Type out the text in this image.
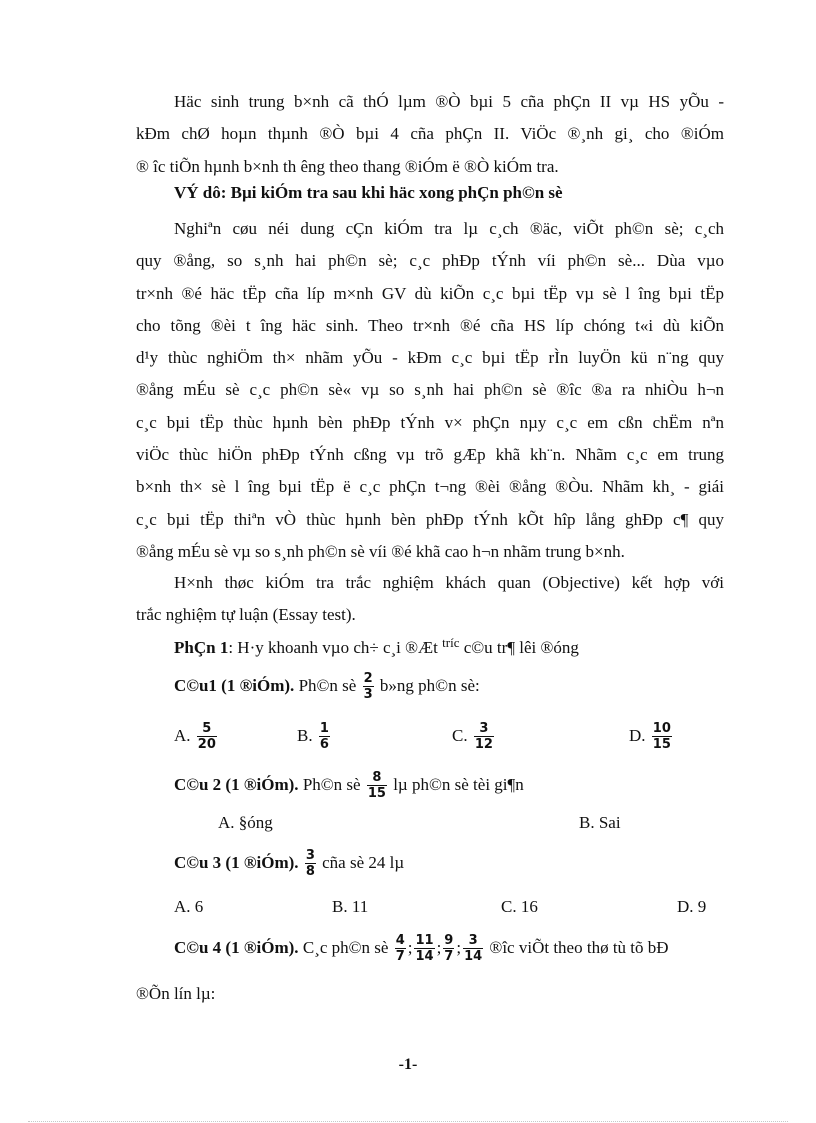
Häc sinh trung b×nh cã thÓ lµm ®Ò bµi 5 cña phÇn II vµ HS yÕu -
kÐm chØ hoµn thµnh ®Ò bµi 4 cña phÇn II. ViÖc ®¸nh gi¸ cho ®iÓm
® îc tiÕn hµnh b×nh th êng theo thang ®iÓm ë ®Ò kiÓm tra.
VÝ dô: Bµi kiÓm tra sau khi häc xong phÇn ph©n sè
Nghiªn cøu néi dung cÇn kiÓm tra lµ c¸ch ®äc, viÕt ph©n sè; c¸ch
quy ®ång, so s¸nh hai ph©n sè; c¸c phÐp tÝnh víi ph©n sè... Dùa vµo
tr×nh ®é häc tËp cña líp m×nh GV dù kiÕn c¸c bµi tËp vµ sè l îng bµi tËp
cho tõng ®èi t îng häc sinh. Theo tr×nh ®é cña HS líp chóng t«i dù kiÕn
d¹y thùc nghiÖm th× nhãm yÕu - kÐm c¸c bµi tËp rÌn luyÖn kü n¨ng quy
®ång mÉu sè c¸c ph©n sè« vµ so s¸nh hai ph©n sè ®îc ®a ra nhiÒu h¬n
c¸c bµi tËp thùc hµnh bèn phÐp tÝnh v× phÇn nµy c¸c em cßn chËm nªn
viÖc thùc hiÖn phÐp tÝnh cßng vµ trõ gÆp khã kh¨n. Nhãm c¸c em trung
b×nh th× sè l îng bµi tËp ë c¸c phÇn t¬ng ®èi ®ång ®Òu. Nhãm kh¸ - giái
c¸c bµi tËp thiªn vÒ thùc hµnh bèn phÐp tÝnh kÕt hîp lång ghÐp c¶ quy
®ång mÉu sè vµ so s¸nh ph©n sè víi ®é khã cao h¬n nhãm trung b×nh.
H×nh thøc kiÓm tra trắc nghiệm khách quan (Objective) kết hợp với
trắc nghiệm tự luận (Essay test).
PhÇn 1: H·y khoanh vµo ch÷ c¸i ®Æt $^{tríc}$ c©u tr¶ lêi ®óng
C©u1 (1 ®iÓm). Ph©n sè $\frac{2}{3}$ b»ng ph©n sè:
A. $\frac{5}{20}$	B. $\frac{1}{6}$	C. $\frac{3}{12}$	D. $\frac{10}{15}$
C©u 2 (1 ®iÓm). Ph©n sè $\frac{8}{15}$ lµ ph©n sè tèi gi¶n
A. §óng	B. Sai
C©u 3 (1 ®iÓm). $\frac{3}{8}$ cña sè 24 lµ
A. 6	B. 11	C. 16	D. 9
C©u 4 (1 ®iÓm). C¸c ph©n sè $\frac{4}{7}$ ; $\frac{11}{14}$ ; $\frac{9}{7}$ ; $\frac{3}{14}$ ®îc viÕt theo thø tù tõ bÐ
®Õn lín lµ:
-1-
